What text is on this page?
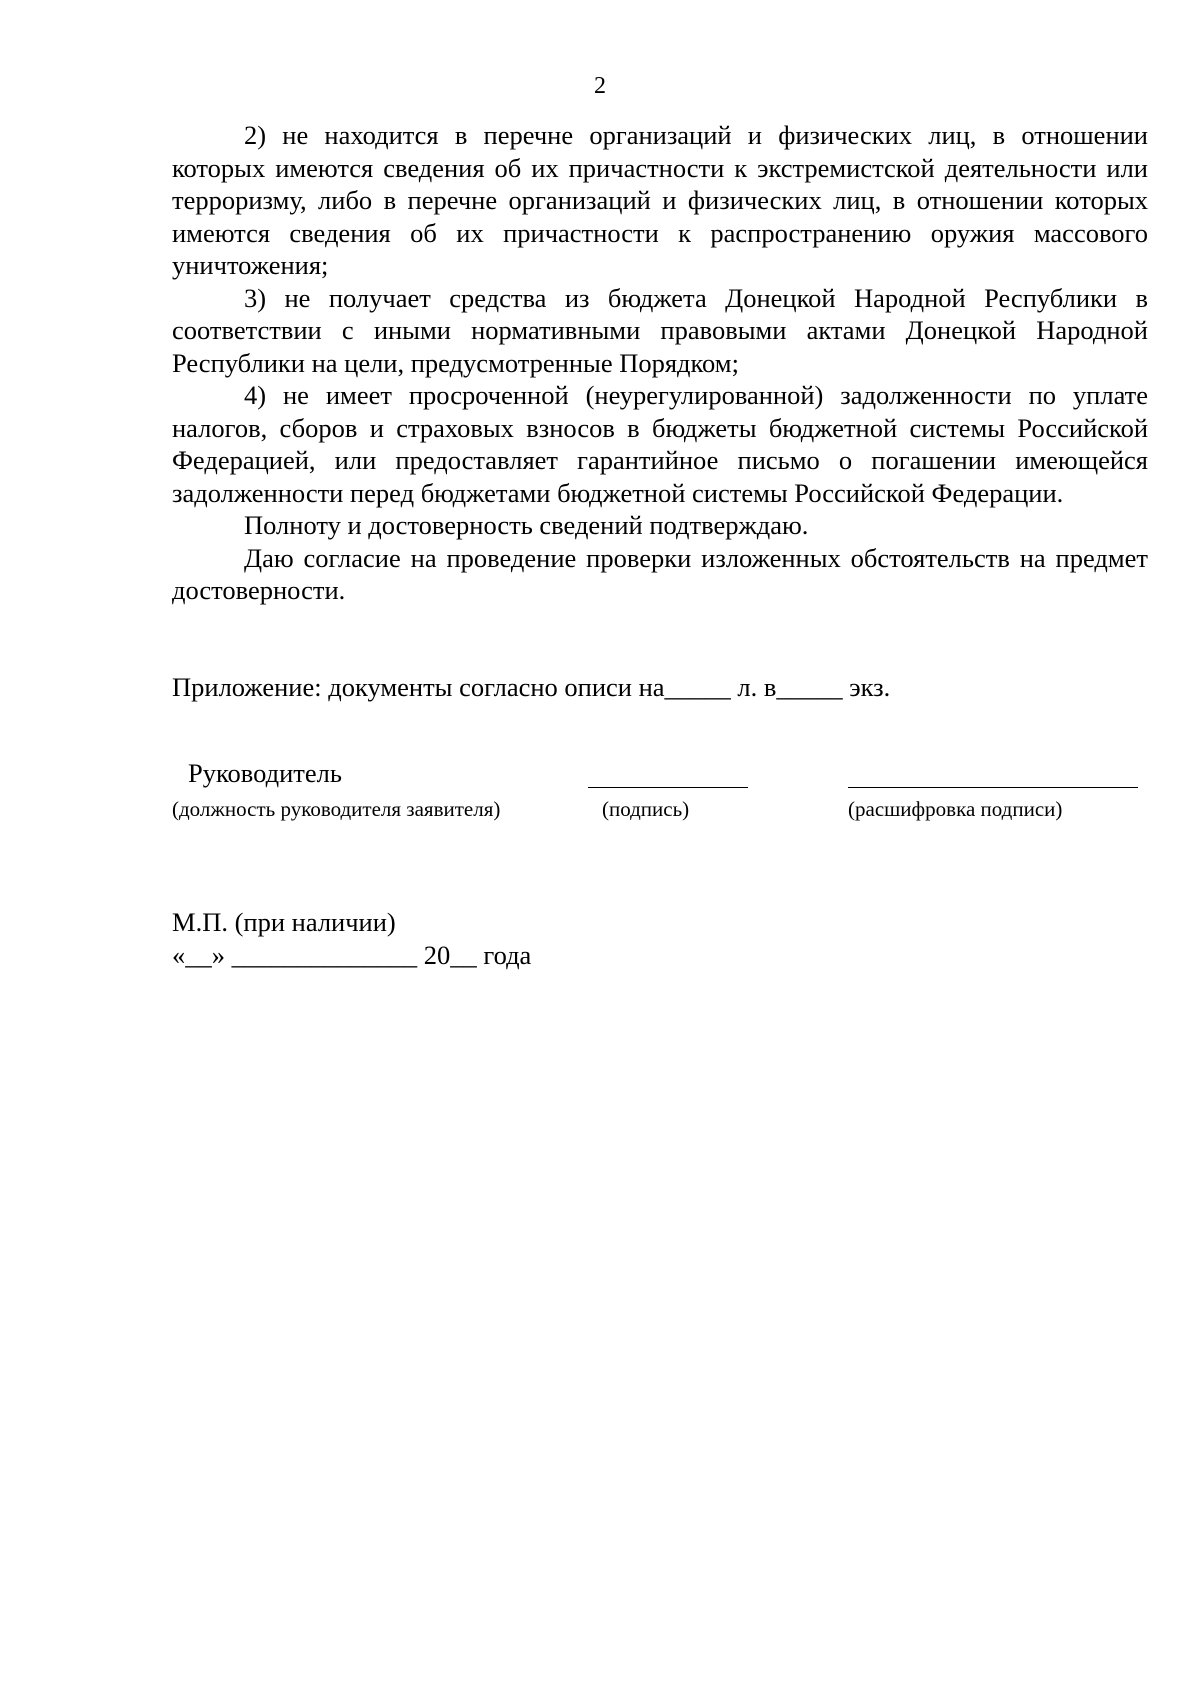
2

2) не находится в перечне организаций и физических лиц, в отношении которых имеются сведения об их причастности к экстремистской деятельности или терроризму, либо в перечне организаций и физических лиц, в отношении которых имеются сведения об их причастности к распространению оружия массового уничтожения;

3) не получает средства из бюджета Донецкой Народной Республики в соответствии с иными нормативными правовыми актами Донецкой Народной Республики на цели, предусмотренные Порядком;

4) не имеет просроченной (неурегулированной) задолженности по уплате налогов, сборов и страховых взносов в бюджеты бюджетной системы Российской Федерацией, или предоставляет гарантийное письмо о погашении имеющейся задолженности перед бюджетами бюджетной системы Российской Федерации.

Полноту и достоверность сведений подтверждаю.

Даю согласие на проведение проверки изложенных обстоятельств на предмет достоверности.

Приложение: документы согласно описи на_____ л. в_____ экз.
Руководитель
(должность руководителя заявителя)	(подпись)	(расшифровка подписи)
М.П. (при наличии)
«__» ______________ 20__ года
